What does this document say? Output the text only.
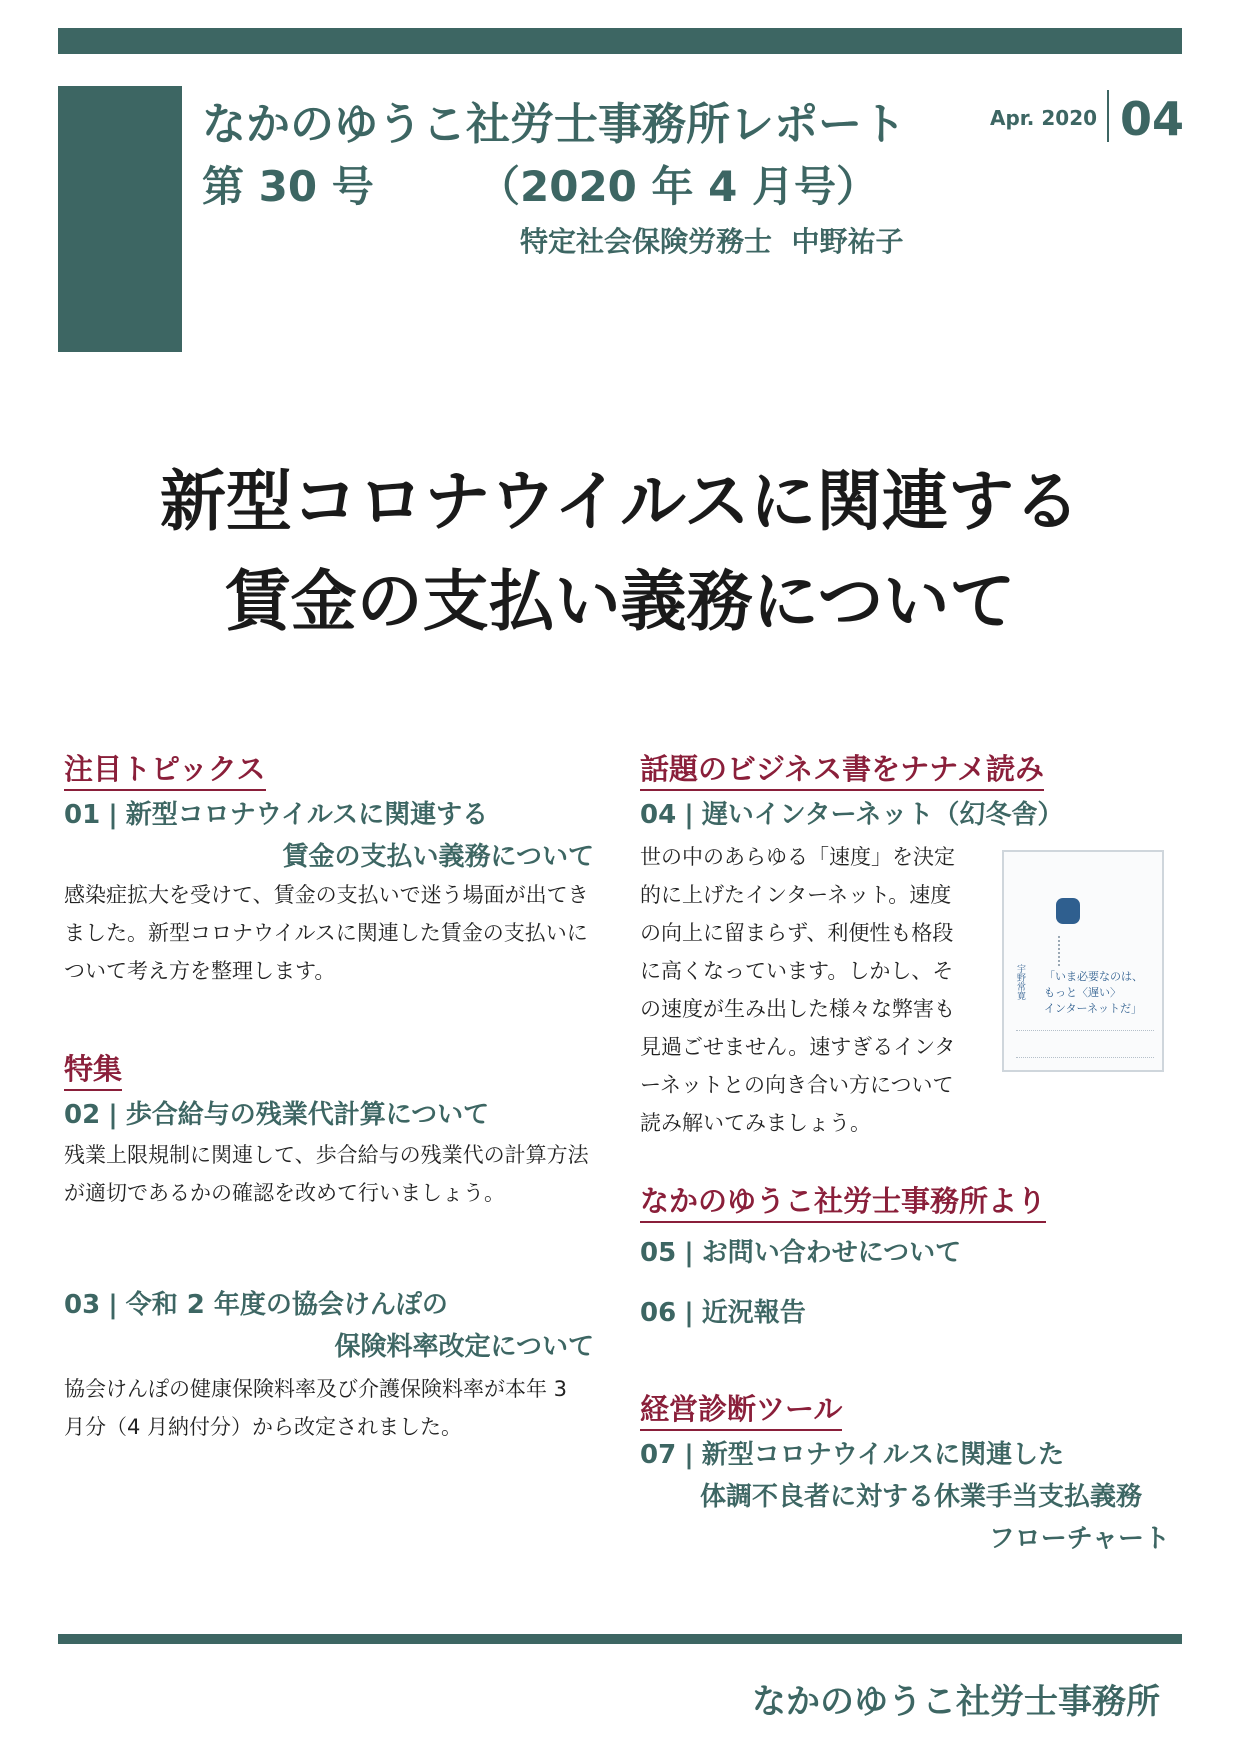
なかのゆうこ社労士事務所レポート
第 30 号 （2020 年 4 月号）
特定社会保険労務士  中野祐子
Apr. 2020 04
新型コロナウイルスに関連する
賃金の支払い義務について
注目トピックス
01 | 新型コロナウイルスに関連する
賃金の支払い義務について

感染症拡大を受けて、賃金の支払いで迷う場面が出てき

ました。新型コロナウイルスに関連した賃金の支払いに

ついて考え方を整理します。

特集
02 | 歩合給与の残業代計算について

残業上限規制に関連して、歩合給与の残業代の計算方法

が適切であるかの確認を改めて行いましょう。

03 | 令和 2 年度の協会けんぽの
保険料率改定について

協会けんぽの健康保険料率及び介護保険料率が本年 3

月分（4 月納付分）から改定されました。

話題のビジネス書をナナメ読み
04 | 遅いインターネット（幻冬舎）

世の中のあらゆる「速度」を決定

的に上げたインターネット。速度

の向上に留まらず、利便性も格段

に高くなっています。しかし、そ

の速度が生み出した様々な弊害も

見過ごせません。速すぎるインタ

ーネットとの向き合い方について

読み解いてみましょう。

「いま必要なのは、
もっと〈遅い〉
インターネットだ」
宇野常寛
なかのゆうこ社労士事務所より
05 | お問い合わせについて
06 | 近況報告
経営診断ツール
07 | 新型コロナウイルスに関連した
体調不良者に対する休業手当支払義務
フローチャート
なかのゆうこ社労士事務所
